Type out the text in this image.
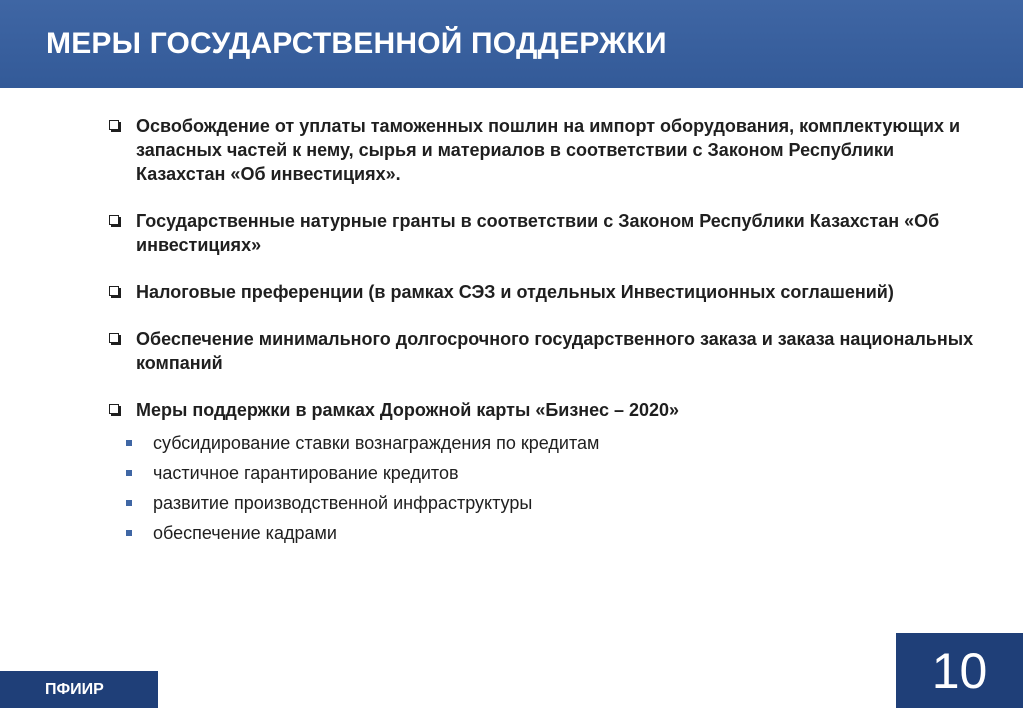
МЕРЫ ГОСУДАРСТВЕННОЙ ПОДДЕРЖКИ
Освобождение от уплаты таможенных пошлин на импорт оборудования, комплектующих и запасных частей к нему, сырья и материалов в соответствии с Законом Республики Казахстан «Об инвестициях».
Государственные натурные гранты в соответствии с Законом Республики Казахстан «Об инвестициях»
Налоговые преференции (в рамках СЭЗ и отдельных Инвестиционных соглашений)
Обеспечение минимального долгосрочного государственного заказа и заказа национальных компаний
Меры поддержки в рамках Дорожной карты «Бизнес – 2020»
субсидирование ставки вознаграждения по кредитам
частичное гарантирование кредитов
развитие производственной инфраструктуры
обеспечение кадрами
ПФИИР	10
